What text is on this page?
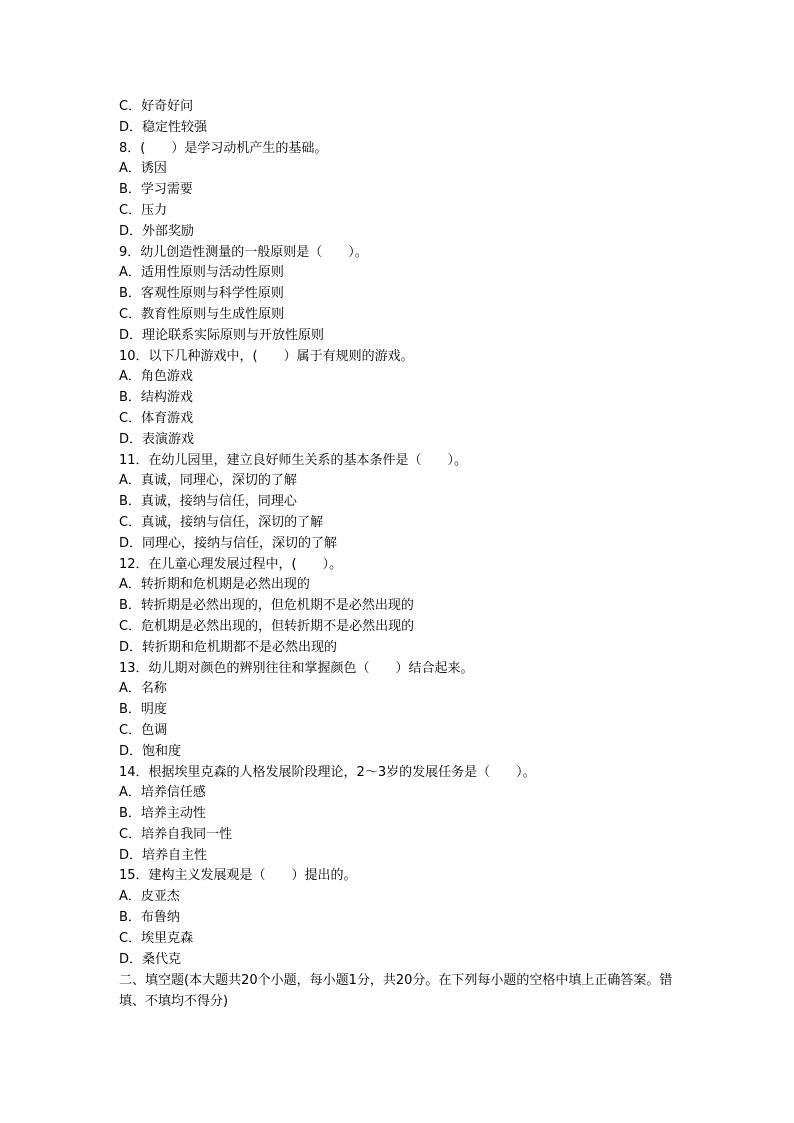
C．好奇好问
D．稳定性较强
8．(　　）是学习动机产生的基础。
A．诱因
B．学习需要
C．压力
D．外部奖励
9．幼儿创造性测量的一般原则是（　　）。
A．适用性原则与活动性原则
B．客观性原则与科学性原则
C．教育性原则与生成性原则
D．理论联系实际原则与开放性原则
10．以下几种游戏中，(　　）属于有规则的游戏。
A．角色游戏
B．结构游戏
C．体育游戏
D．表演游戏
11．在幼儿园里，建立良好师生关系的基本条件是（　　）。
A．真诚，同理心，深切的了解
B．真诚，接纳与信任，同理心
C．真诚，接纳与信任，深切的了解
D．同理心，接纳与信任，深切的了解
12．在儿童心理发展过程中，(　　）。
A．转折期和危机期是必然出现的
B．转折期是必然出现的，但危机期不是必然出现的
C．危机期是必然出现的，但转折期不是必然出现的
D．转折期和危机期都不是必然出现的
13．幼儿期对颜色的辨别往往和掌握颜色（　　）结合起来。
A．名称
B．明度
C．色调
D．饱和度
14．根据埃里克森的人格发展阶段理论，2～3岁的发展任务是（　　）。
A．培养信任感
B．培养主动性
C．培养自我同一性
D．培养自主性
15．建构主义发展观是（　　）提出的。
A．皮亚杰
B．布鲁纳
C．埃里克森
D．桑代克
二、填空题(本大题共20个小题，每小题1分，共20分。在下列每小题的空格中填上正确答案。错填、不填均不得分)
